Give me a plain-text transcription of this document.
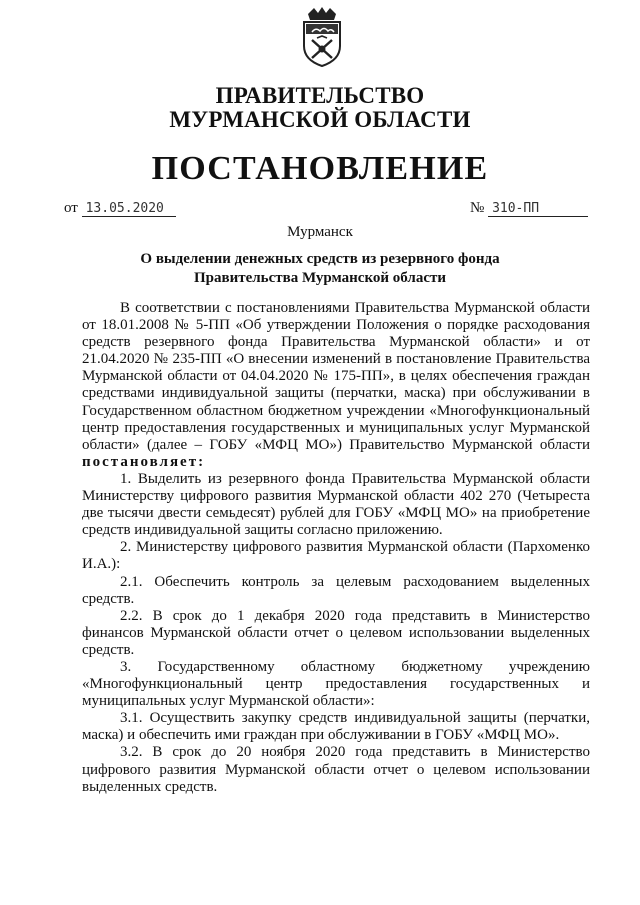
ПРАВИТЕЛЬСТВО
МУРМАНСКОЙ ОБЛАСТИ
ПОСТАНОВЛЕНИЕ
от 13.05.2020	№ 310-ПП
Мурманск
О выделении денежных средств из резервного фонда
Правительства Мурманской области

В соответствии с постановлениями Правительства Мурманской области от 18.01.2008 № 5-ПП «Об утверждении Положения о порядке расходования средств резервного фонда Правительства Мурманской области» и от 21.04.2020 № 235-ПП «О внесении изменений в постановление Правительства Мурманской области от 04.04.2020 № 175-ПП», в целях обеспечения граждан средствами индивидуальной защиты (перчатки, маска) при обслуживании в Государственном областном бюджетном учреждении «Многофункциональный центр предоставления государственных и муниципальных услуг Мурманской области» (далее – ГОБУ «МФЦ МО») Правительство Мурманской области постановляет:

1. Выделить из резервного фонда Правительства Мурманской области Министерству цифрового развития Мурманской области 402 270 (Четыреста две тысячи двести семьдесят) рублей для ГОБУ «МФЦ МО» на приобретение средств индивидуальной защиты согласно приложению.

2. Министерству цифрового развития Мурманской области (Пархоменко И.А.):

2.1. Обеспечить контроль за целевым расходованием выделенных средств.

2.2. В срок до 1 декабря 2020 года представить в Министерство финансов Мурманской области отчет о целевом использовании выделенных средств.

3. Государственному областному бюджетному учреждению «Многофункциональный центр предоставления государственных и муниципальных услуг Мурманской области»:

3.1. Осуществить закупку средств индивидуальной защиты (перчатки, маска) и обеспечить ими граждан при обслуживании в ГОБУ «МФЦ МО».

3.2. В срок до 20 ноября 2020 года представить в Министерство цифрового развития Мурманской области отчет о целевом использовании выделенных средств.
